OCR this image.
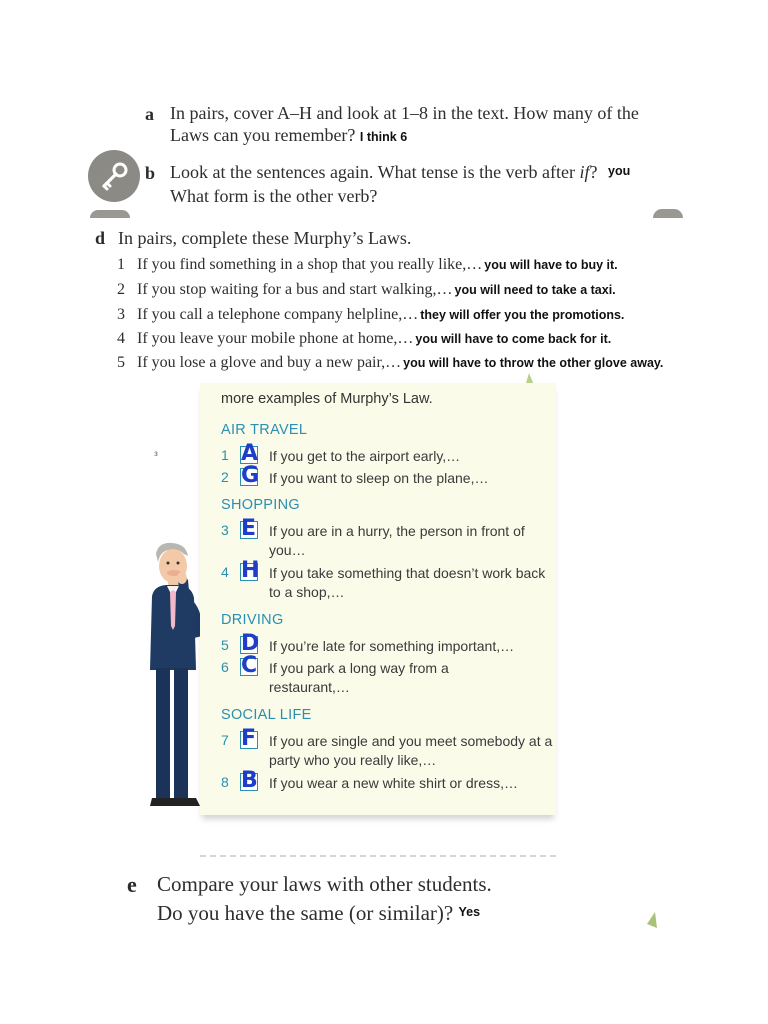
a In pairs, cover A–H and look at 1–8 in the text. How many of the
Laws can you remember? I think 6
b Look at the sentences again. What tense is the verb after if? you
What form is the other verb?
d In pairs, complete these Murphy’s Laws.
1 If you find something in a shop that you really like,… you will have to buy it.
2 If you stop waiting for a bus and start walking,… you will need to take a taxi.
3 If you call a telephone company helpline,… they will offer you the promotions.
4 If you leave your mobile phone at home,… you will have to come back for it.
5 If you lose a glove and buy a new pair,… you will have to throw the other glove away.
ᵌ
more examples of Murphy’s Law.
AIR TRAVEL
1 A If you get to the airport early,…
2 G If you want to sleep on the plane,…
SHOPPING
3 E If you are in a hurry, the person in front of you…
4 H If you take something that doesn’t work back to a shop,…
DRIVING
5 D If you’re late for something important,…
6 C If you park a long way from a restaurant,…
SOCIAL LIFE
7 F If you are single and you meet somebody at a party who you really like,…
8 B If you wear a new white shirt or dress,…
e Compare your laws with other students.
Do you have the same (or similar)? Yes
